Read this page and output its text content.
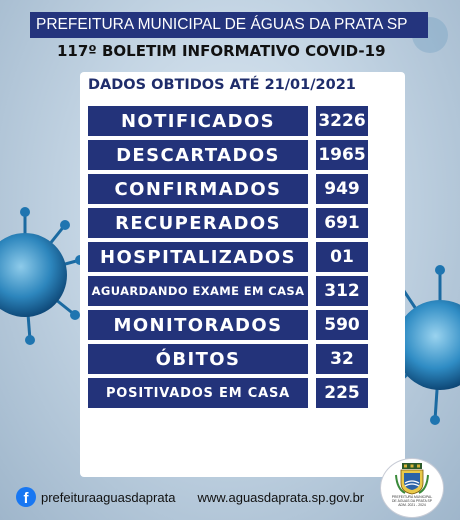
PREFEITURA MUNICIPAL DE ÁGUAS DA PRATA SP
117º BOLETIM INFORMATIVO COVID-19
DADOS OBTIDOS ATÉ 21/01/2021
NOTIFICADOS	3226
DESCARTADOS	1965
CONFIRMADOS	949
RECUPERADOS	691
HOSPITALIZADOS	01
AGUARDANDO EXAME EM CASA	312
MONITORADOS	590
ÓBITOS	32
POSITIVADOS EM CASA	225
f prefeituraaguasdaprata www.aguasdaprata.sp.gov.br	PREFEITURA MUNICIPAL
DE ÁGUAS DA PRATA SP
ADM. 2021 - 2024
